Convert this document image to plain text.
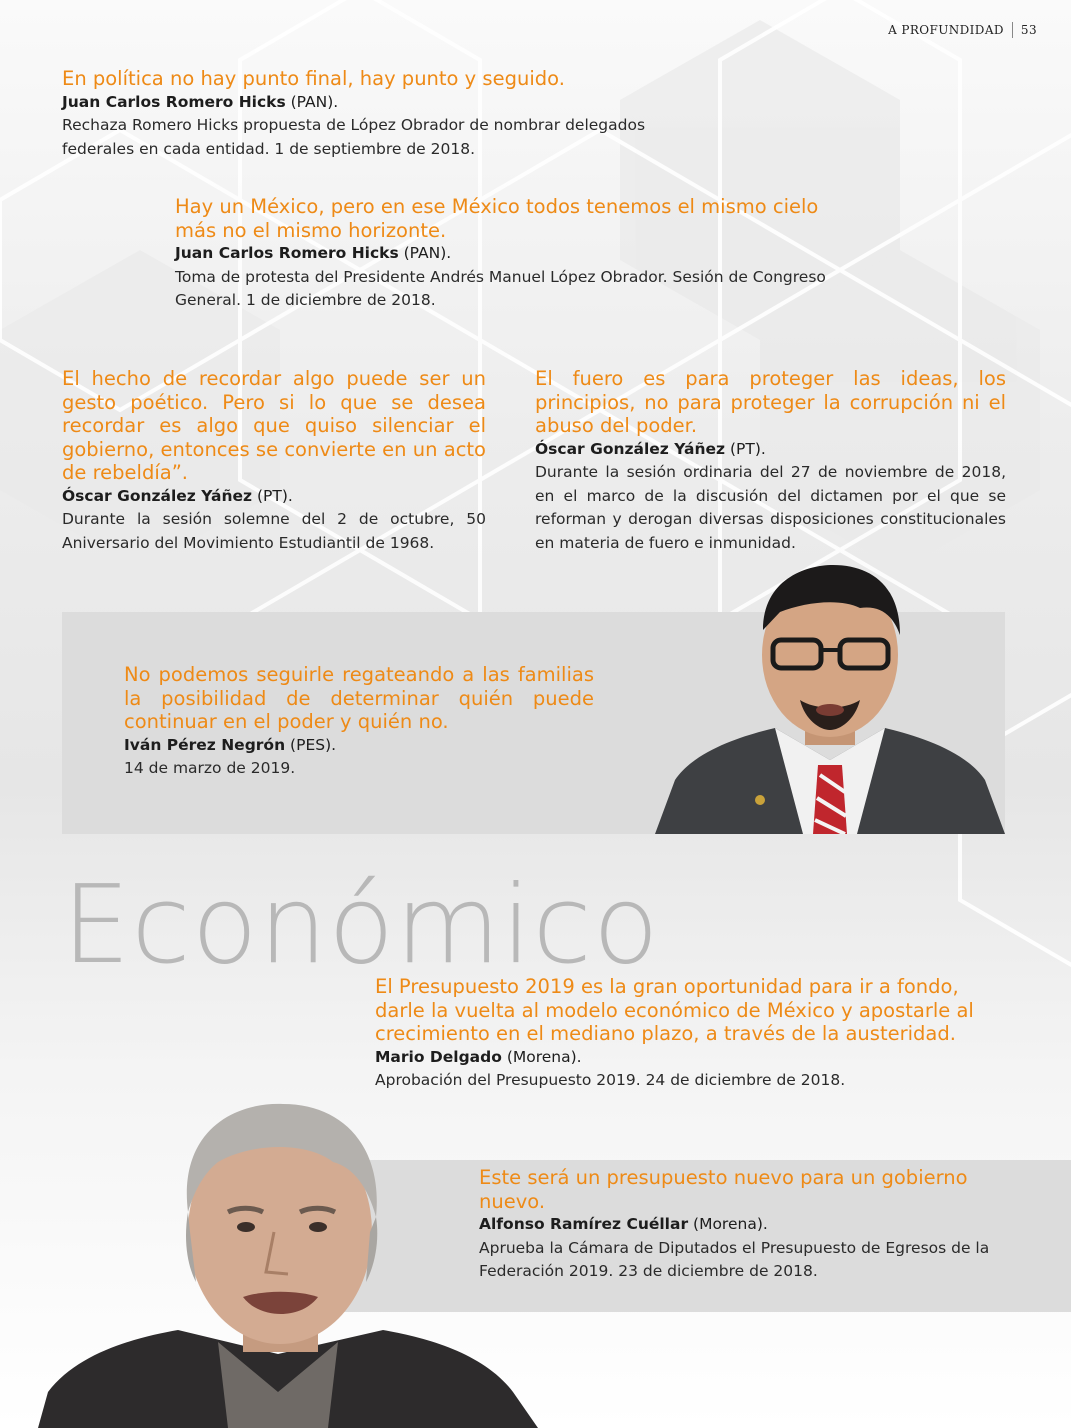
A PROFUNDIDAD 53
En política no hay punto final, hay punto y seguido.
Juan Carlos Romero Hicks (PAN).
Rechaza Romero Hicks propuesta de López Obrador de nombrar delegados federales en cada entidad. 1 de septiembre de 2018.
Hay un México, pero en ese México todos tenemos el mismo cielo más no el mismo horizonte.
Juan Carlos Romero Hicks (PAN).
Toma de protesta del Presidente Andrés Manuel López Obrador. Sesión de Congreso General. 1 de diciembre de 2018.
El hecho de recordar algo puede ser un gesto poético. Pero si lo que se desea recordar es algo que quiso silenciar el gobierno, entonces se convierte en un acto de rebeldía”.
Óscar González Yáñez (PT).
Durante la sesión solemne del 2 de octubre, 50 Aniversario del Movimiento Estudiantil de 1968.
El fuero es para proteger las ideas, los principios, no para proteger la corrupción ni el abuso del poder.
Óscar González Yáñez (PT).
Durante la sesión ordinaria del 27 de noviembre de 2018, en el marco de la discusión del dictamen por el que se reforman y derogan diversas disposiciones constitucionales en materia de fuero e inmunidad.
No podemos seguirle regateando a las familias la posibilidad de determinar quién puede continuar en el poder y quién no.
Iván Pérez Negrón (PES).
14 de marzo de 2019.
Económico
El Presupuesto 2019 es la gran oportunidad para ir a fondo, darle la vuelta al modelo económico de México y apostarle al crecimiento en el mediano plazo, a través de la austeridad.
Mario Delgado (Morena).
Aprobación del Presupuesto 2019. 24 de diciembre de 2018.
Este será un presupuesto nuevo para un gobierno nuevo.
Alfonso Ramírez Cuéllar (Morena).
Aprueba la Cámara de Diputados el Presupuesto de Egresos de la Federación 2019. 23 de diciembre de 2018.
